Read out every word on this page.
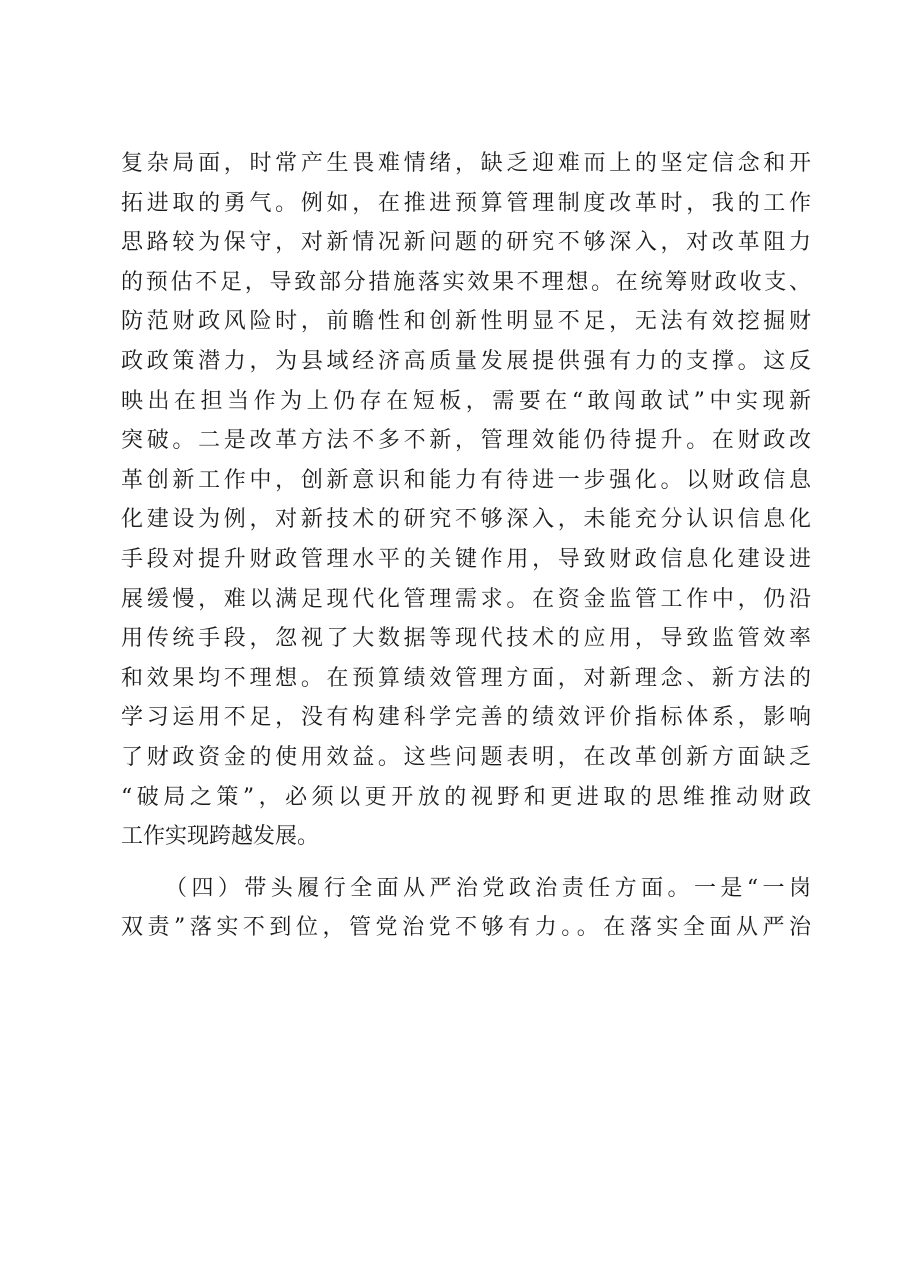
复杂局面，时常产生畏难情绪，缺乏迎难而上的坚定信念和开
拓进取的勇气。例如，在推进预算管理制度改革时，我的工作
思路较为保守，对新情况新问题的研究不够深入，对改革阻力
的预估不足，导致部分措施落实效果不理想。在统筹财政收支、
防范财政风险时，前瞻性和创新性明显不足，无法有效挖掘财
政政策潜力，为县域经济高质量发展提供强有力的支撑。这反
映出在担当作为上仍存在短板，需要在“敢闯敢试”中实现新
突破。二是改革方法不多不新，管理效能仍待提升。在财政改
革创新工作中，创新意识和能力有待进一步强化。以财政信息
化建设为例，对新技术的研究不够深入，未能充分认识信息化
手段对提升财政管理水平的关键作用，导致财政信息化建设进
展缓慢，难以满足现代化管理需求。在资金监管工作中，仍沿
用传统手段，忽视了大数据等现代技术的应用，导致监管效率
和效果均不理想。在预算绩效管理方面，对新理念、新方法的
学习运用不足，没有构建科学完善的绩效评价指标体系，影响
了财政资金的使用效益。这些问题表明，在改革创新方面缺乏
“破局之策”，必须以更开放的视野和更进取的思维推动财政
工作实现跨越发展。
（四）带头履行全面从严治党政治责任方面。一是“一岗
双责”落实不到位，管党治党不够有力。。在落实全面从严治
